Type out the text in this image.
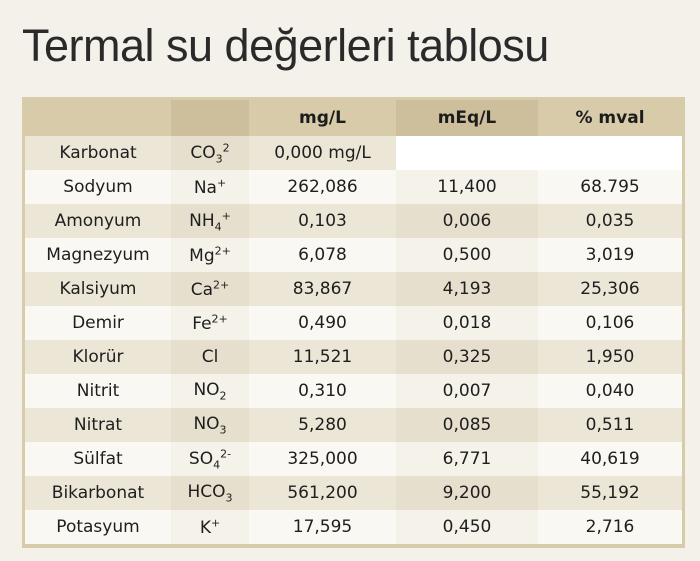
Termal su değerleri tablosu
		mg/L	mEq/L	% mval
Karbonat	$CO_3^2$	0,000 mg/L		
Sodyum	Na+	262,086	11,400	68.795
Amonyum	$NH_4^+$	0,103	0,006	0,035
Magnezyum	$Mg^{2+}$	6,078	0,500	3,019
Kalsiyum	$Ca^{2+}$	83,867	4,193	25,306
Demir	$Fe^{2+}$	0,490	0,018	0,106
Klorür	Cl	11,521	0,325	1,950
Nitrit	$NO_2$	0,310	0,007	0,040
Nitrat	$NO_3$	5,280	0,085	0,511
Sülfat	$SO_4^{2-}$	325,000	6,771	40,619
Bikarbonat	$HCO_3$	561,200	9,200	55,192
Potasyum	K+	17,595	0,450	2,716
